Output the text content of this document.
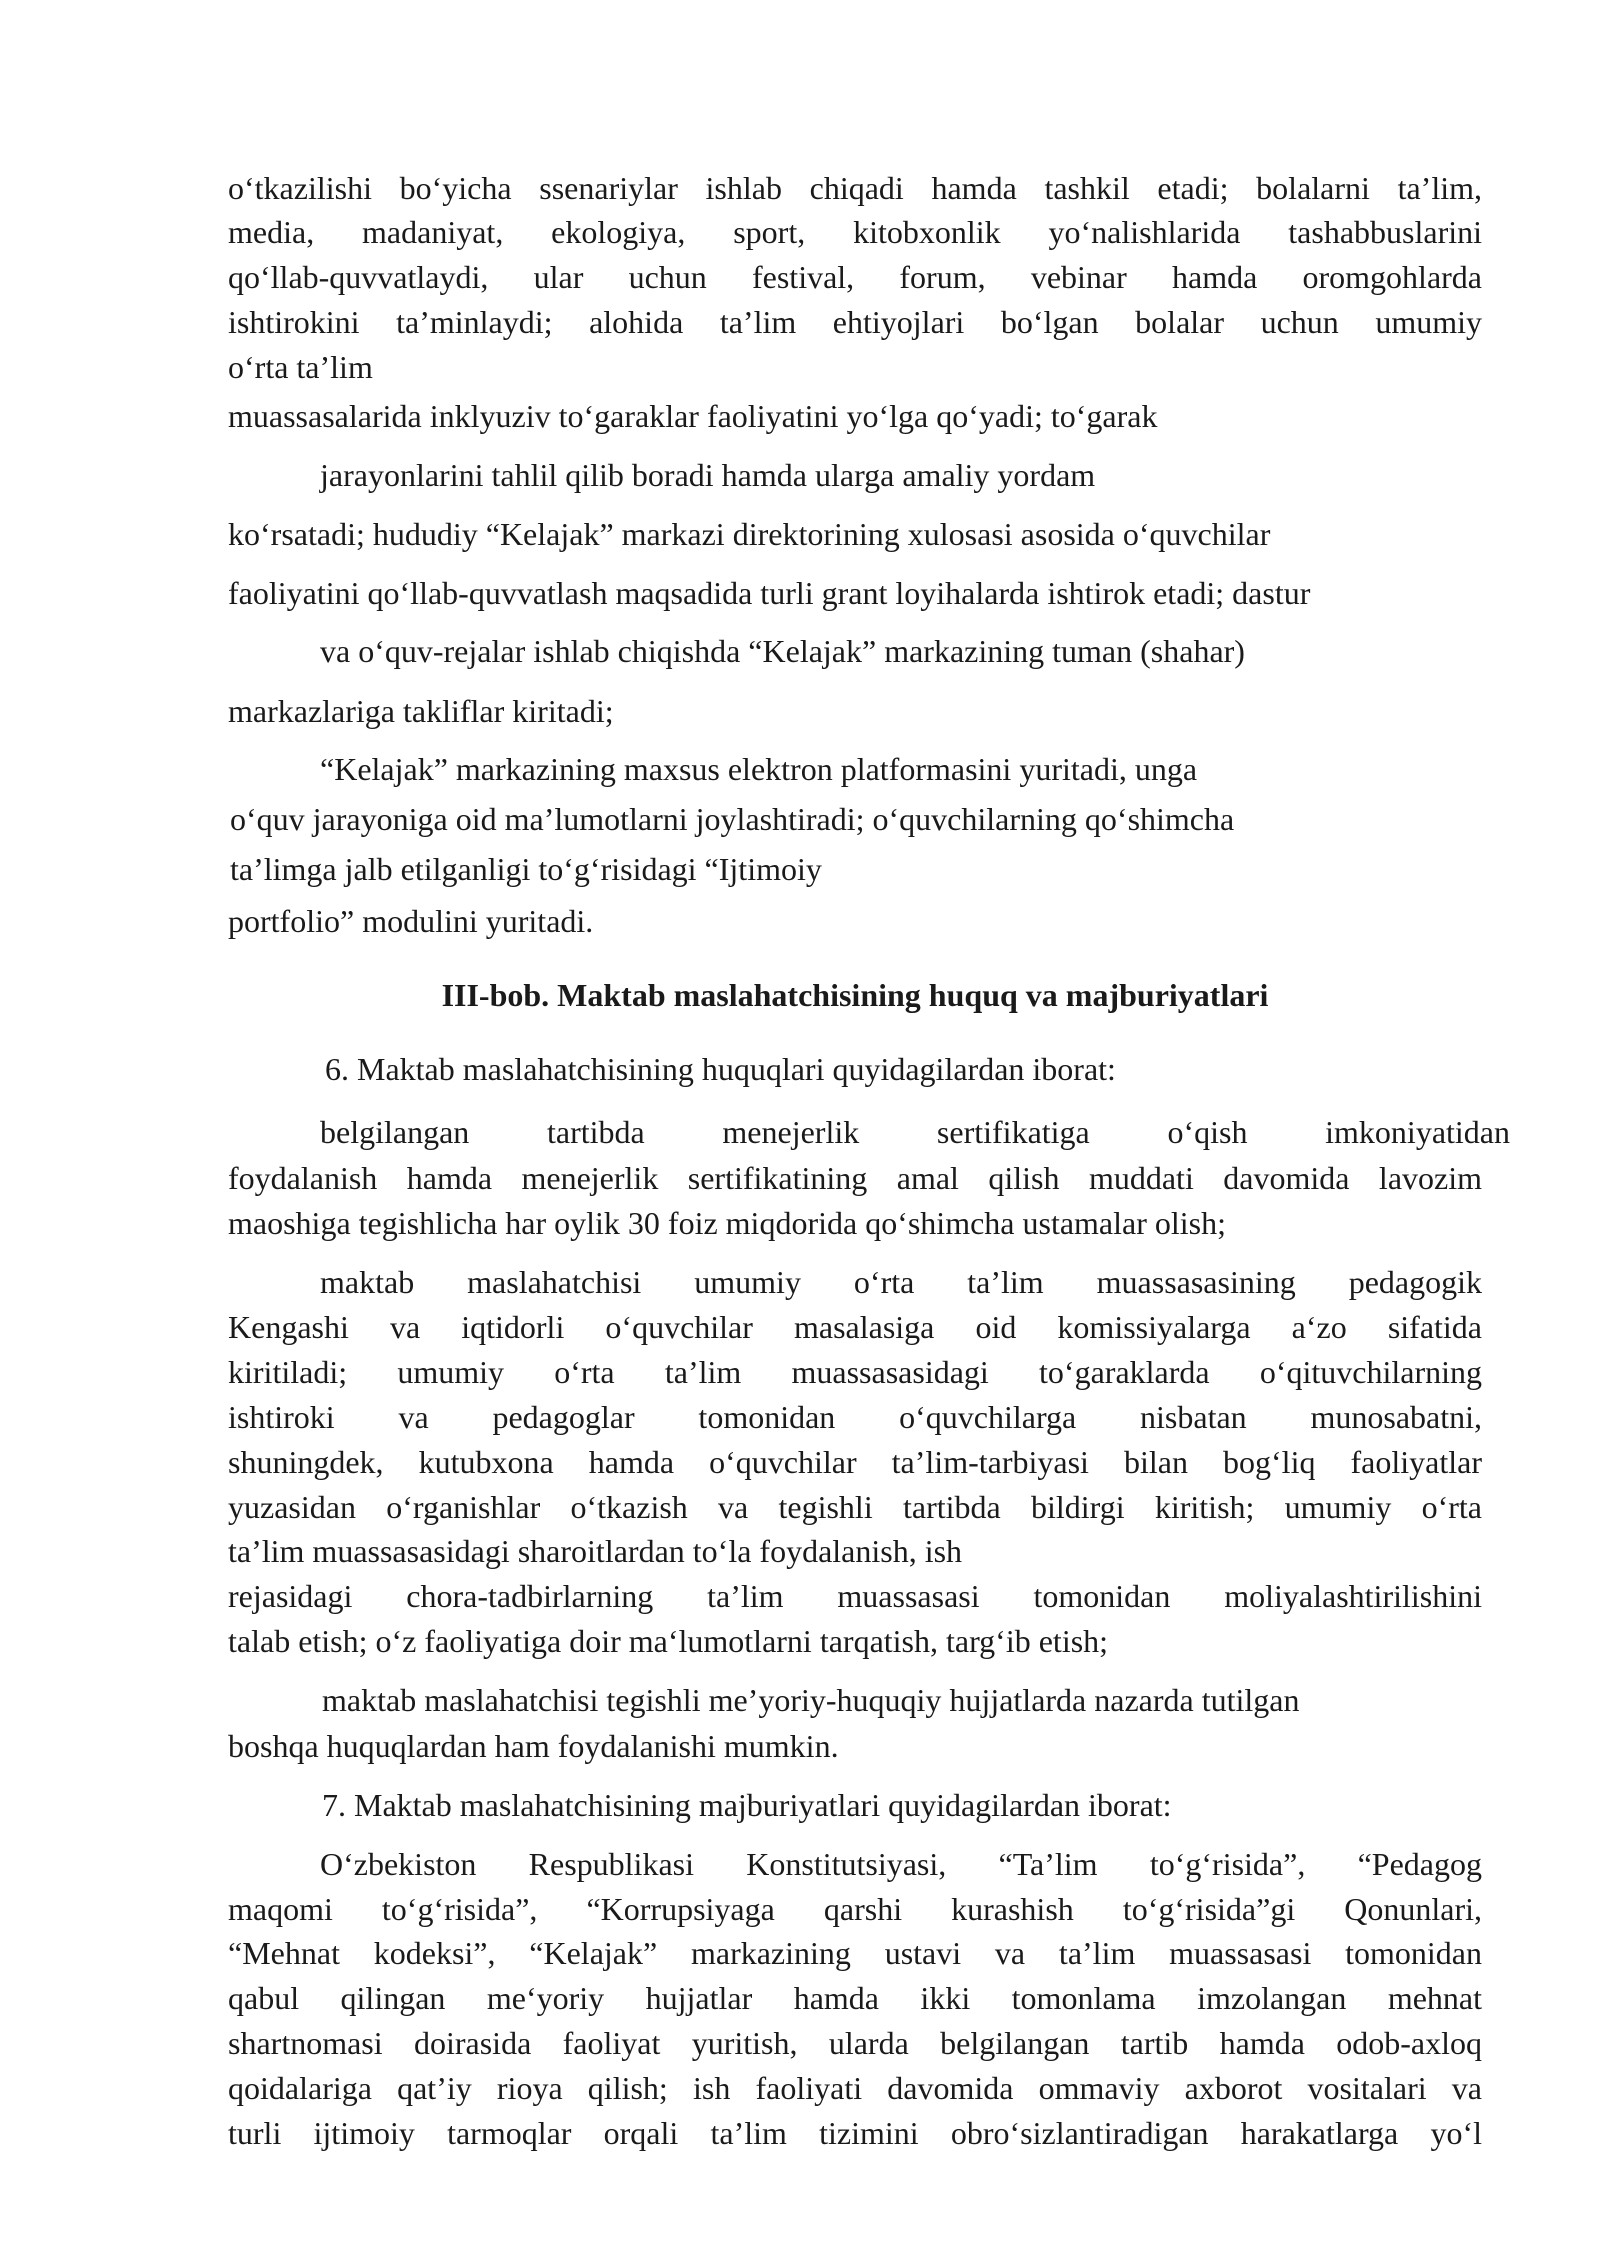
o‘tkazilishi bo‘yicha ssenariylar ishlab chiqadi hamda tashkil etadi; bolalarni ta’lim,
media, madaniyat, ekologiya, sport, kitobxonlik yo‘nalishlarida tashabbuslarini
qo‘llab-quvvatlaydi, ular uchun festival, forum, vebinar hamda oromgohlarda
ishtirokini ta’minlaydi; alohida ta’lim ehtiyojlari bo‘lgan bolalar uchun umumiy
o‘rta ta’lim
muassasalarida inklyuziv to‘garaklar faoliyatini yo‘lga qo‘yadi; to‘garak
jarayonlarini tahlil qilib boradi hamda ularga amaliy yordam
ko‘rsatadi; hududiy “Kelajak” markazi direktorining xulosasi asosida o‘quvchilar
faoliyatini qo‘llab-quvvatlash maqsadida turli grant loyihalarda ishtirok etadi; dastur
va o‘quv-rejalar ishlab chiqishda “Kelajak” markazining tuman (shahar)
markazlariga takliflar kiritadi;
“Kelajak” markazining maxsus elektron platformasini yuritadi, unga
o‘quv jarayoniga oid ma’lumotlarni joylashtiradi; o‘quvchilarning qo‘shimcha
ta’limga jalb etilganligi to‘g‘risidagi “Ijtimoiy
portfolio” modulini yuritadi.
III-bob. Maktab maslahatchisining huquq va majburiyatlari
6. Maktab maslahatchisining huquqlari quyidagilardan iborat:
belgilangan tartibda menejerlik sertifikatiga o‘qish imkoniyatidan
foydalanish hamda menejerlik sertifikatining amal qilish muddati davomida lavozim
maoshiga tegishlicha har oylik 30 foiz miqdorida qo‘shimcha ustamalar olish;
maktab maslahatchisi umumiy o‘rta ta’lim muassasasining pedagogik
Kengashi va iqtidorli o‘quvchilar masalasiga oid komissiyalarga a‘zo sifatida
kiritiladi; umumiy o‘rta ta’lim muassasasidagi to‘garaklarda o‘qituvchilarning
ishtiroki va pedagoglar tomonidan o‘quvchilarga nisbatan munosabatni,
shuningdek, kutubxona hamda o‘quvchilar ta’lim-tarbiyasi bilan bog‘liq faoliyatlar
yuzasidan o‘rganishlar o‘tkazish va tegishli tartibda bildirgi kiritish; umumiy o‘rta
ta’lim muassasasidagi sharoitlardan to‘la foydalanish, ish
rejasidagi chora-tadbirlarning ta’lim muassasasi tomonidan moliyalashtirilishini
talab etish; o‘z faoliyatiga doir ma‘lumotlarni tarqatish, targ‘ib etish;
maktab maslahatchisi tegishli me’yoriy-huquqiy hujjatlarda nazarda tutilgan
boshqa huquqlardan ham foydalanishi mumkin.
7. Maktab maslahatchisining majburiyatlari quyidagilardan iborat:
O‘zbekiston Respublikasi Konstitutsiyasi, “Ta’lim to‘g‘risida”, “Pedagog
maqomi to‘g‘risida”, “Korrupsiyaga qarshi kurashish to‘g‘risida”gi Qonunlari,
“Mehnat kodeksi”, “Kelajak” markazining ustavi va ta’lim muassasasi tomonidan
qabul qilingan me‘yoriy hujjatlar hamda ikki tomonlama imzolangan mehnat
shartnomasi doirasida faoliyat yuritish, ularda belgilangan tartib hamda odob-axloq
qoidalariga qat’iy rioya qilish; ish faoliyati davomida ommaviy axborot vositalari va
turli ijtimoiy tarmoqlar orqali ta’lim tizimini obro‘sizlantiradigan harakatlarga yo‘l
